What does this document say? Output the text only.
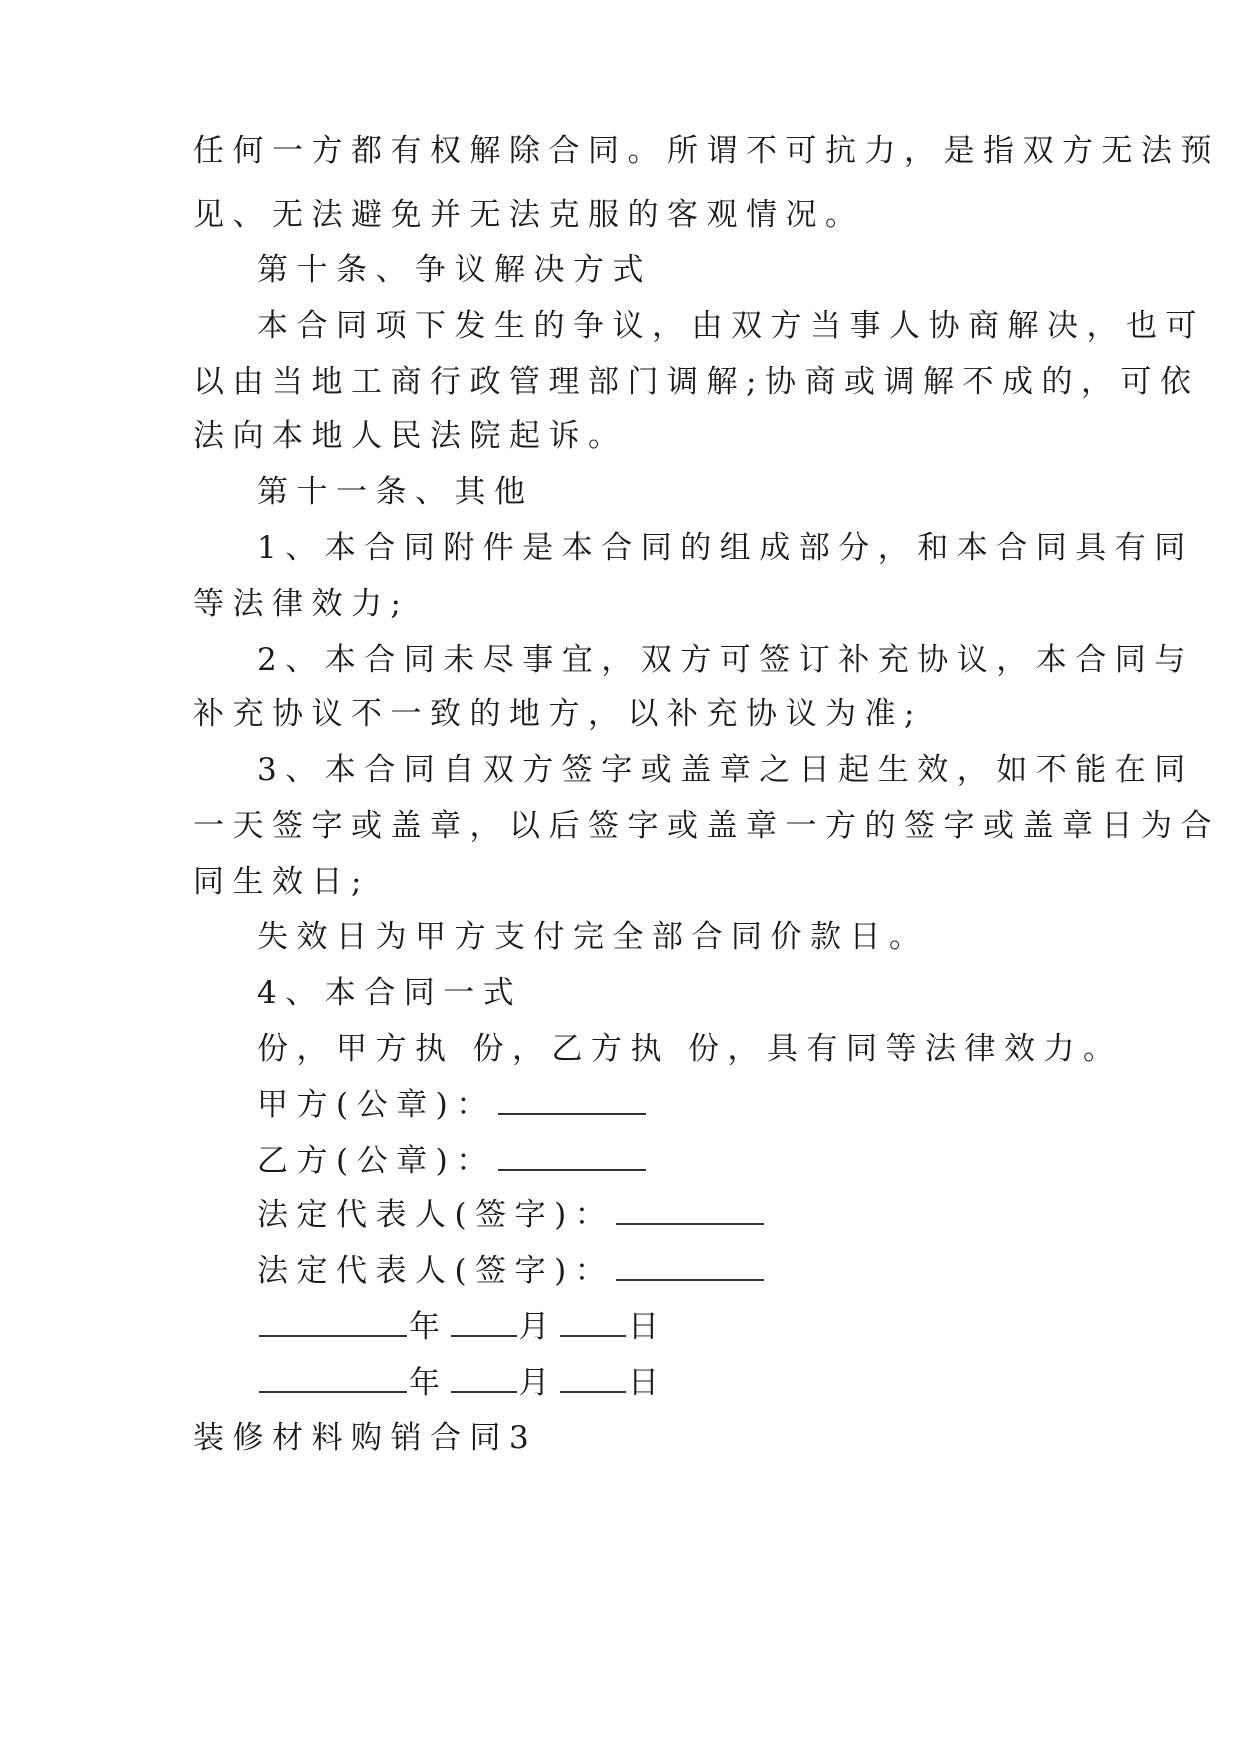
任何一方都有权解除合同。所谓不可抗力，是指双方无法预

见、无法避免并无法克服的客观情况。

第十条、争议解决方式

本合同项下发生的争议，由双方当事人协商解决，也可

以由当地工商行政管理部门调解;协商或调解不成的，可依

法向本地人民法院起诉。

第十一条、其他

1、本合同附件是本合同的组成部分，和本合同具有同

等法律效力;

2、本合同未尽事宜，双方可签订补充协议，本合同与

补充协议不一致的地方，以补充协议为准;

3、本合同自双方签字或盖章之日起生效，如不能在同

一天签字或盖章，以后签字或盖章一方的签字或盖章日为合

同生效日;

失效日为甲方支付完全部合同价款日。

4、本合同一式

份，甲方执 份，乙方执 份，具有同等法律效力。

甲方(公章)：

乙方(公章)：

法定代表人(签字)：

法定代表人(签字)：

年 月 日

年 月 日

装修材料购销合同3
